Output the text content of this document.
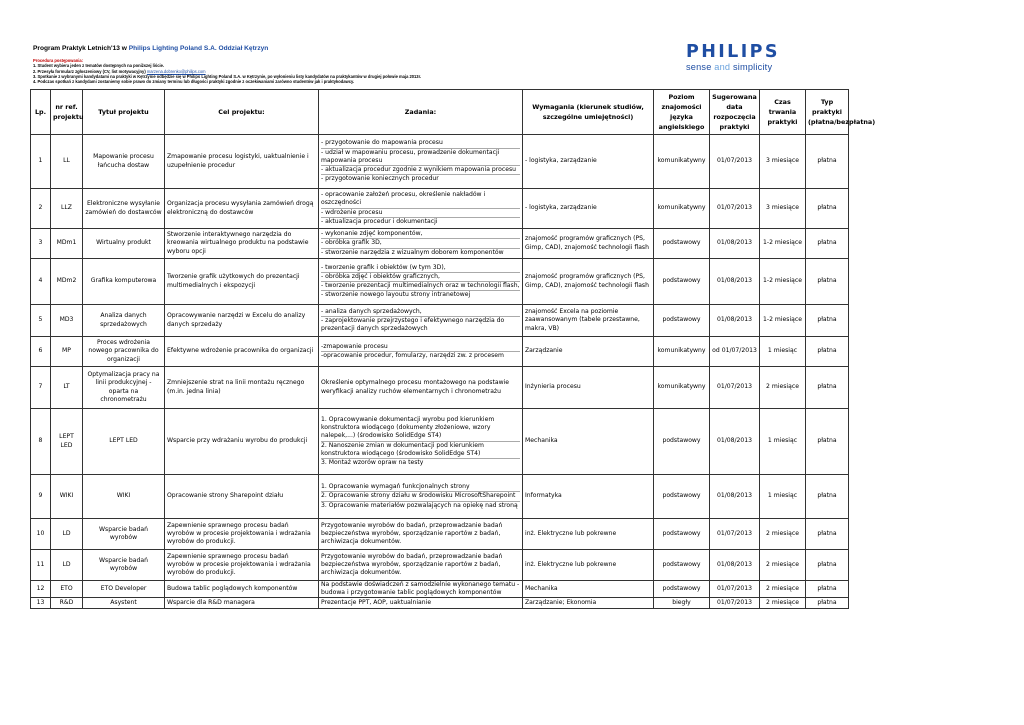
Program Praktyk Letnich'13 w Philips Lighting Poland S.A. Oddział Kętrzyn
Procedura postępowania:
1. Student wybiera jeden z tematów dostępnych na poniższej liście.
2. Przesyła formularz zgłoszeniowy (CV, list motywacyjny) marzena.dobrenko@philips.com
3. Spotkanie z wybranymi kandydatami na praktyki w Kętrzynie odbędzie się w Philips Lighting Poland S.A. w Kętrzynie, po wyłonieniu listy kandydatów na praktykantów w drugiej połowie maja 2013r.
4. Podczas spotkań z kandydami zostaniemy sobie prawo do zmiany terminu lub długości praktyki zgodnie z oczekiwaniami zarówno studentów jak i praktykodawcy.
PHILIPS
sense and simplicity
Lp.	nr ref. projektu	Tytuł projektu	Cel projektu:	Zadania:	Wymagania (kierunek studiów, szczególne umiejętności)	Poziom znajomości języka angielskiego	Sugerowana data rozpoczęcia praktyki	Czas trwania praktyki	Typ praktyki (płatna/bezpłatna)
1	LL	Mapowanie procesu łańcucha dostaw	Zmapowanie procesu logistyki, uaktualnienie i uzupełnienie procedur	- przygotowanie do mapowania procesu
- udział w mapowaniu procesu, prowadzenie dokumentacji mapowania procesu
- aktualizacja procedur zgodnie z wynikiem mapowania procesu
- przygotowanie koniecznych procedur	- logistyka, zarządzanie	komunikatywny	01/07/2013	3 miesiące	płatna
2	LLZ	Elektroniczne wysyłanie zamówień do dostawców	Organizacja procesu wysyłania zamówień drogą elektroniczną do dostawców	- opracowanie założeń procesu, określenie nakładów i oszczędności
- wdrożenie procesu
- aktualizacja procedur i dokumentacji	- logistyka, zarządzanie	komunikatywny	01/07/2013	3 miesiące	płatna
3	MDm1	Wirtualny produkt	Stworzenie interaktywnego narzędzia do kreowania wirtualnego produktu na podstawie wyboru opcji	- wykonanie zdjęć komponentów,
- obróbka grafik 3D,
- stworzenie narzędzia z wizualnym doborem komponentów	znajomość programów graficznych (PS, Gimp, CAD), znajomość technologii flash	podstawowy	01/08/2013	1-2 miesiące	płatna
4	MDm2	Grafika komputerowa	Tworzenie grafik użytkowych do prezentacji multimedialnych i ekspozycji	- tworzenie grafik i obiektów (w tym 3D),
- obróbka zdjęć i obiektów graficznych,
- tworzenie prezentacji multimedialnych oraz w technologii flash,
- stworzenie nowego layoutu strony intranetowej	znajomość programów graficznych (PS, Gimp, CAD), znajomość technologii flash	podstawowy	01/08/2013	1-2 miesiące	płatna
5	MD3	Analiza danych sprzedażowych	Opracowywanie narzędzi w Excelu do analizy danych sprzedaży	- analiza danych sprzedażowych,
- zaprojektowanie przejrzystego i efektywnego narzędzia do prezentacji danych sprzedażowych	znajomość Excela na poziomie zaawansowanym (tabele przestawne, makra, VB)	podstawowy	01/08/2013	1-2 miesiące	płatna
6	MP	Proces wdrożenia nowego pracownika do organizacji	Efektywne wdrożenie pracownika do organizacji	-zmapowanie procesu
-opracowanie procedur, fomularzy, narzędzi zw. z procesem	Zarządzanie	komunikatywny	od 01/07/2013	1 miesiąc	płatna
7	LT	Optymalizacja pracy na linii produkcyjnej - oparta na chronometrażu	Zmniejszenie strat na linii montażu ręcznego (m.in. jedna linia)	Określenie optymalnego procesu montażowego na podstawie weryfikacji analizy ruchów elementarnych i chronometrażu	Inżynieria procesu	komunikatywny	01/07/2013	2 miesiące	płatna
8	LEPT LED	LEPT LED	Wsparcie przy wdrażaniu wyrobu do produkcji	1. Opracowywanie dokumentacji wyrobu pod kierunkiem konstruktora wiodącego (dokumenty złożeniowe, wzory nalepek,...) (środowisko SolidEdge ST4)
2. Nanoszenie zmian w dokumentacji pod kierunkiem konstruktora wiodącego (środowisko SolidEdge ST4)
3. Montaż wzorów opraw na testy	Mechanika	podstawowy	01/08/2013	1 miesiąc	płatna
9	WIKI	WIKI	Opracowanie strony Sharepoint działu	1. Opracowanie wymagań funkcjonalnych strony
2. Opracowanie strony działu w środowisku MicrosoftSharepoint
3. Opracowanie materiałów pozwalających na opiekę nad stroną	Informatyka	podstawowy	01/08/2013	1 miesiąc	płatna
10	LD	Wsparcie badań wyrobów	Zapewnienie sprawnego procesu badań wyrobów w procesie projektowania i wdrażania wyrobów do produkcji.	Przygotowanie wyrobów do badań, przeprowadzanie badań bezpieczeństwa wyrobów, sporządzanie raportów z badań, archiwizacja dokumentów.	inż. Elektryczne lub pokrewne	podstawowy	01/07/2013	2 miesiące	płatna
11	LD	Wsparcie badań wyrobów	Zapewnienie sprawnego procesu badań wyrobów w procesie projektowania i wdrażania wyrobów do produkcji.	Przygotowanie wyrobów do badań, przeprowadzanie badań bezpieczeństwa wyrobów, sporządzanie raportów z badań, archiwizacja dokumentów.	inż. Elektryczne lub pokrewne	podstawowy	01/08/2013	2 miesiące	płatna
12	ETO	ETO Developer	Budowa tablic poglądowych komponentów	Na podstawie doświadczeń z samodzielnie wykonanego tematu - budowa i przygotowanie tablic poglądowych komponentów	Mechanika	podstawowy	01/07/2013	2 miesiące	płatna
13	R&D	Asystent	Wsparcie dla R&D managera	Prezentacje PPT, AOP, uaktualnianie	Zarządzanie; Ekonomia	biegły	01/07/2013	2 miesiące	płatna
